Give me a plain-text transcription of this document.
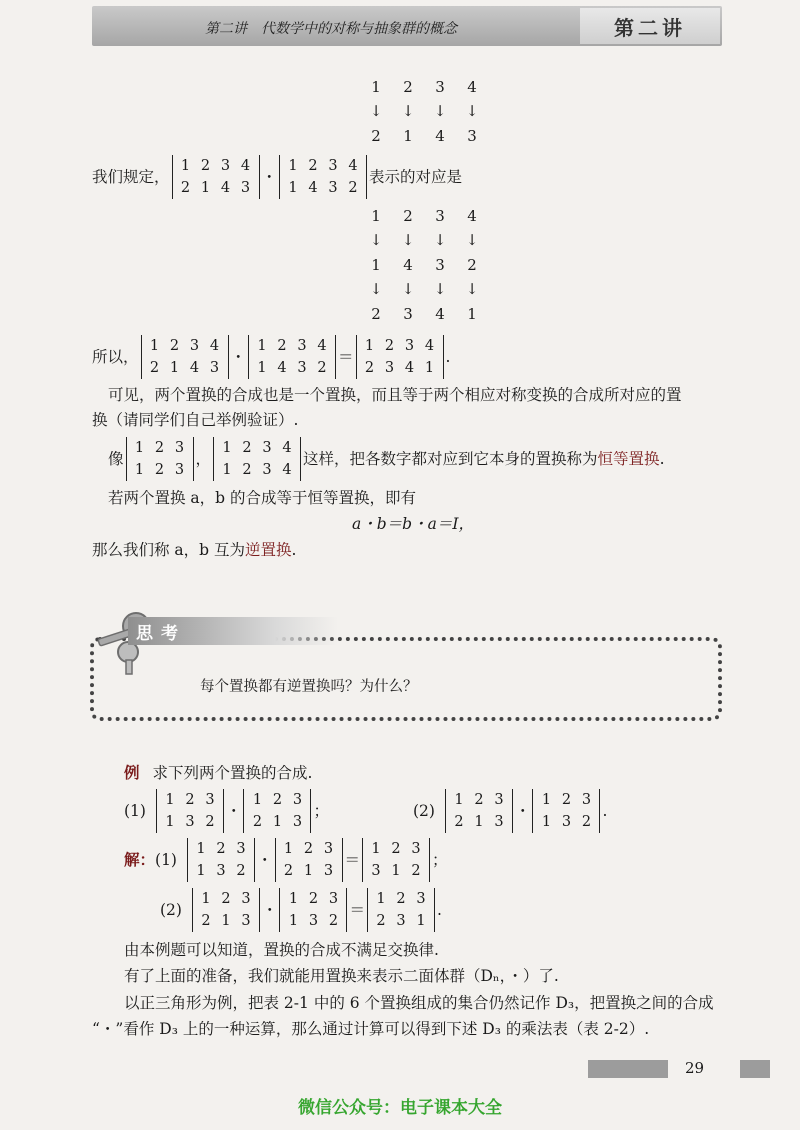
第二讲　代数学中的对称与抽象群的概念	第二讲
1	2	3	4
↓	↓	↓	↓
2	1	4	3
我们规定，
1 2 3 4
2 1 4 3
・
1 2 3 4
1 4 3 2
表示的对应是
1	2	3	4
↓	↓	↓	↓
1	4	3	2
↓	↓	↓	↓
2	3	4	1
所以，
1 2 3 4
2 1 4 3
・
1 2 3 4
1 4 3 2
＝
1 2 3 4
2 3 4 1
.
可见，两个置换的合成也是一个置换，而且等于两个相应对称变换的合成所对应的置
换（请同学们自己举例验证）.
像
1 2 3
1 2 3
，
1 2 3 4
1 2 3 4
这样，把各数字都对应到它本身的置换称为 恒等置换 .
若两个置换 a，b 的合成等于恒等置换，即有
a・b＝b・a＝I，
那么我们称 a，b 互为逆置换.
思考
每个置换都有逆置换吗？为什么？
例 求下列两个置换的合成.
(1)
1 2 3
1 3 2
・
1 2 3
2 1 3
；	(2)
1 2 3
2 1 3
・
1 2 3
1 3 2
.
解： (1)
1 2 3
1 3 2
・
1 2 3
2 1 3
＝
1 2 3
3 1 2
；
(2)
1 2 3
2 1 3
・
1 2 3
1 3 2
＝
1 2 3
2 3 1
.
由本例题可以知道，置换的合成不满足交换律.
有了上面的准备，我们就能用置换来表示二面体群（Dₙ，・）了.
以正三角形为例，把表 2-1 中的 6 个置换组成的集合仍然记作 D₃，把置换之间的合成
“・”看作 D₃ 上的一种运算，那么通过计算可以得到下述 D₃ 的乘法表（表 2-2）.
29
微信公众号：电子课本大全
